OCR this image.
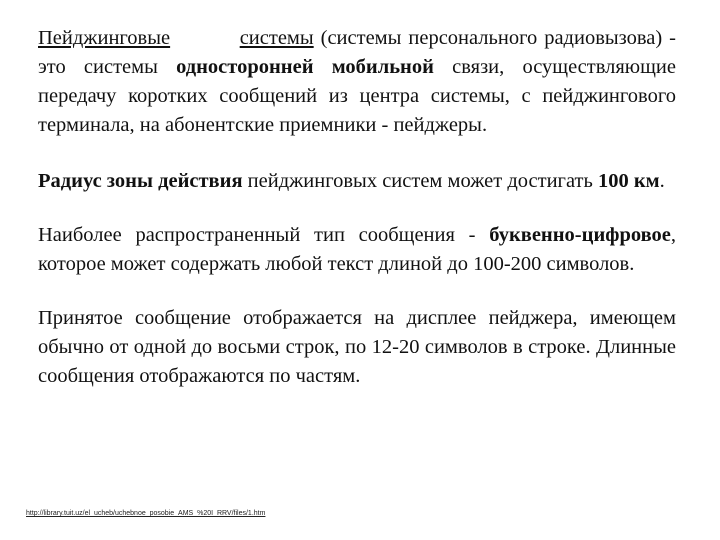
Пейджинговые	системы (системы персонального радиовызова) - это системы односторонней мобильной связи, осуществляющие передачу коротких сообщений из центра системы, с пейджингового терминала, на абонентские приемники - пейджеры.

Радиус зоны действия пейджинговых систем может достигать 100 км.

Наиболее распространенный тип сообщения - буквенно-цифровое, которое может содержать любой текст длиной до 100-200 символов.

Принятое сообщение отображается на дисплее пейджера, имеющем обычно от одной до восьми строк, по 12-20 символов в строке. Длинные сообщения отображаются по частям.

http://library.tuit.uz/el_ucheb/uchebnoe_posobie_AMS_%20I_RRV/files/1.htm
